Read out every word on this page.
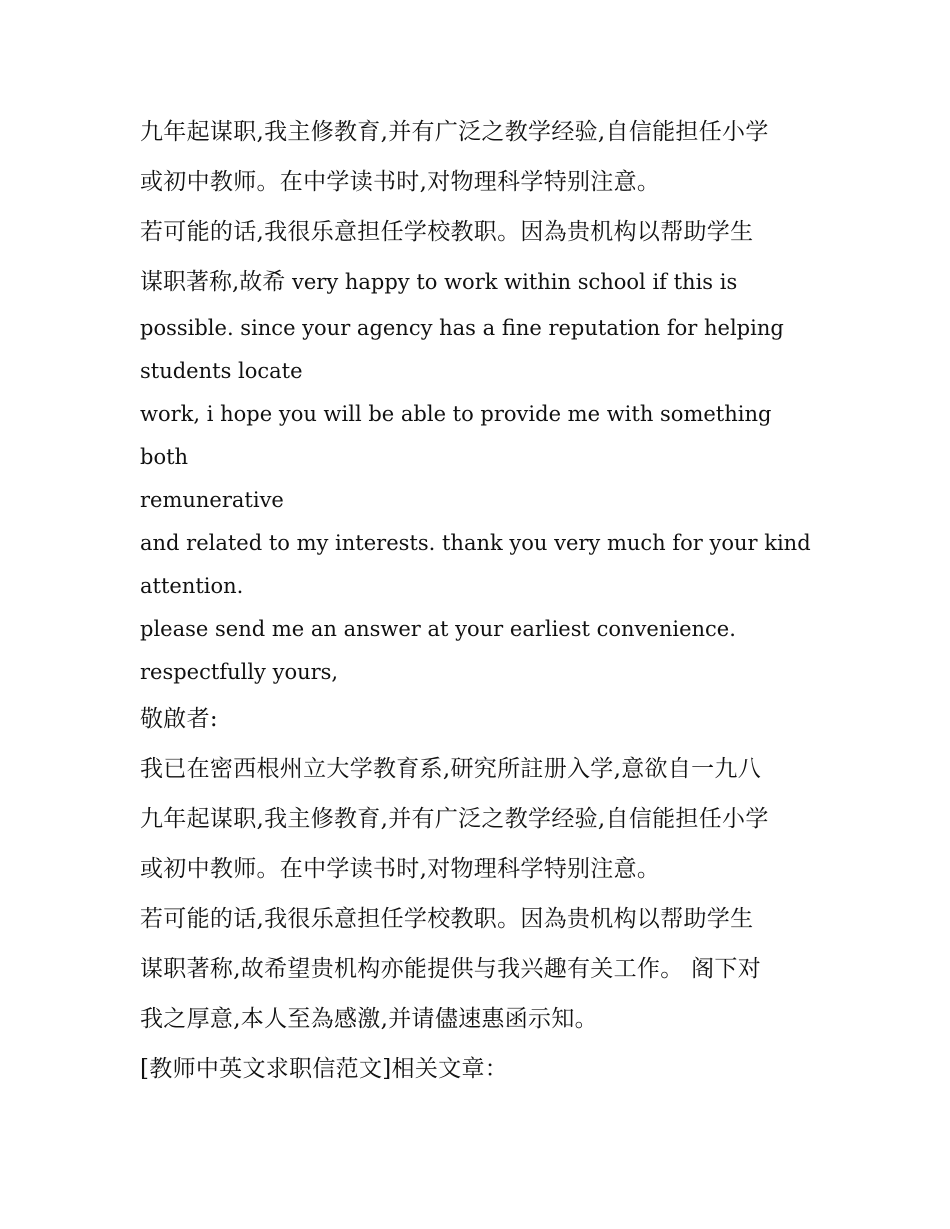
九年起谋职,我主修教育,并有广泛之教学经验,自信能担任小学

或初中教师。在中学读书时,对物理科学特别注意。

若可能的话,我很乐意担任学校教职。因為贵机构以帮助学生

谋职著称,故希 very happy to work within school if this is

possible. since your agency has a fine reputation for helping

students locate

work, i hope you will be able to provide me with something both

remunerative

and related to my interests. thank you very much for your kind

attention.

please send me an answer at your earliest convenience.

respectfully yours,

敬啟者:

我已在密西根州立大学教育系,研究所註册入学,意欲自一九八

九年起谋职,我主修教育,并有广泛之教学经验,自信能担任小学

或初中教师。在中学读书时,对物理科学特别注意。

若可能的话,我很乐意担任学校教职。因為贵机构以帮助学生

谋职著称,故希望贵机构亦能提供与我兴趣有关工作。 阁下对

我之厚意,本人至為感激,并请儘速惠函示知。

[教师中英文求职信范文]相关文章：
